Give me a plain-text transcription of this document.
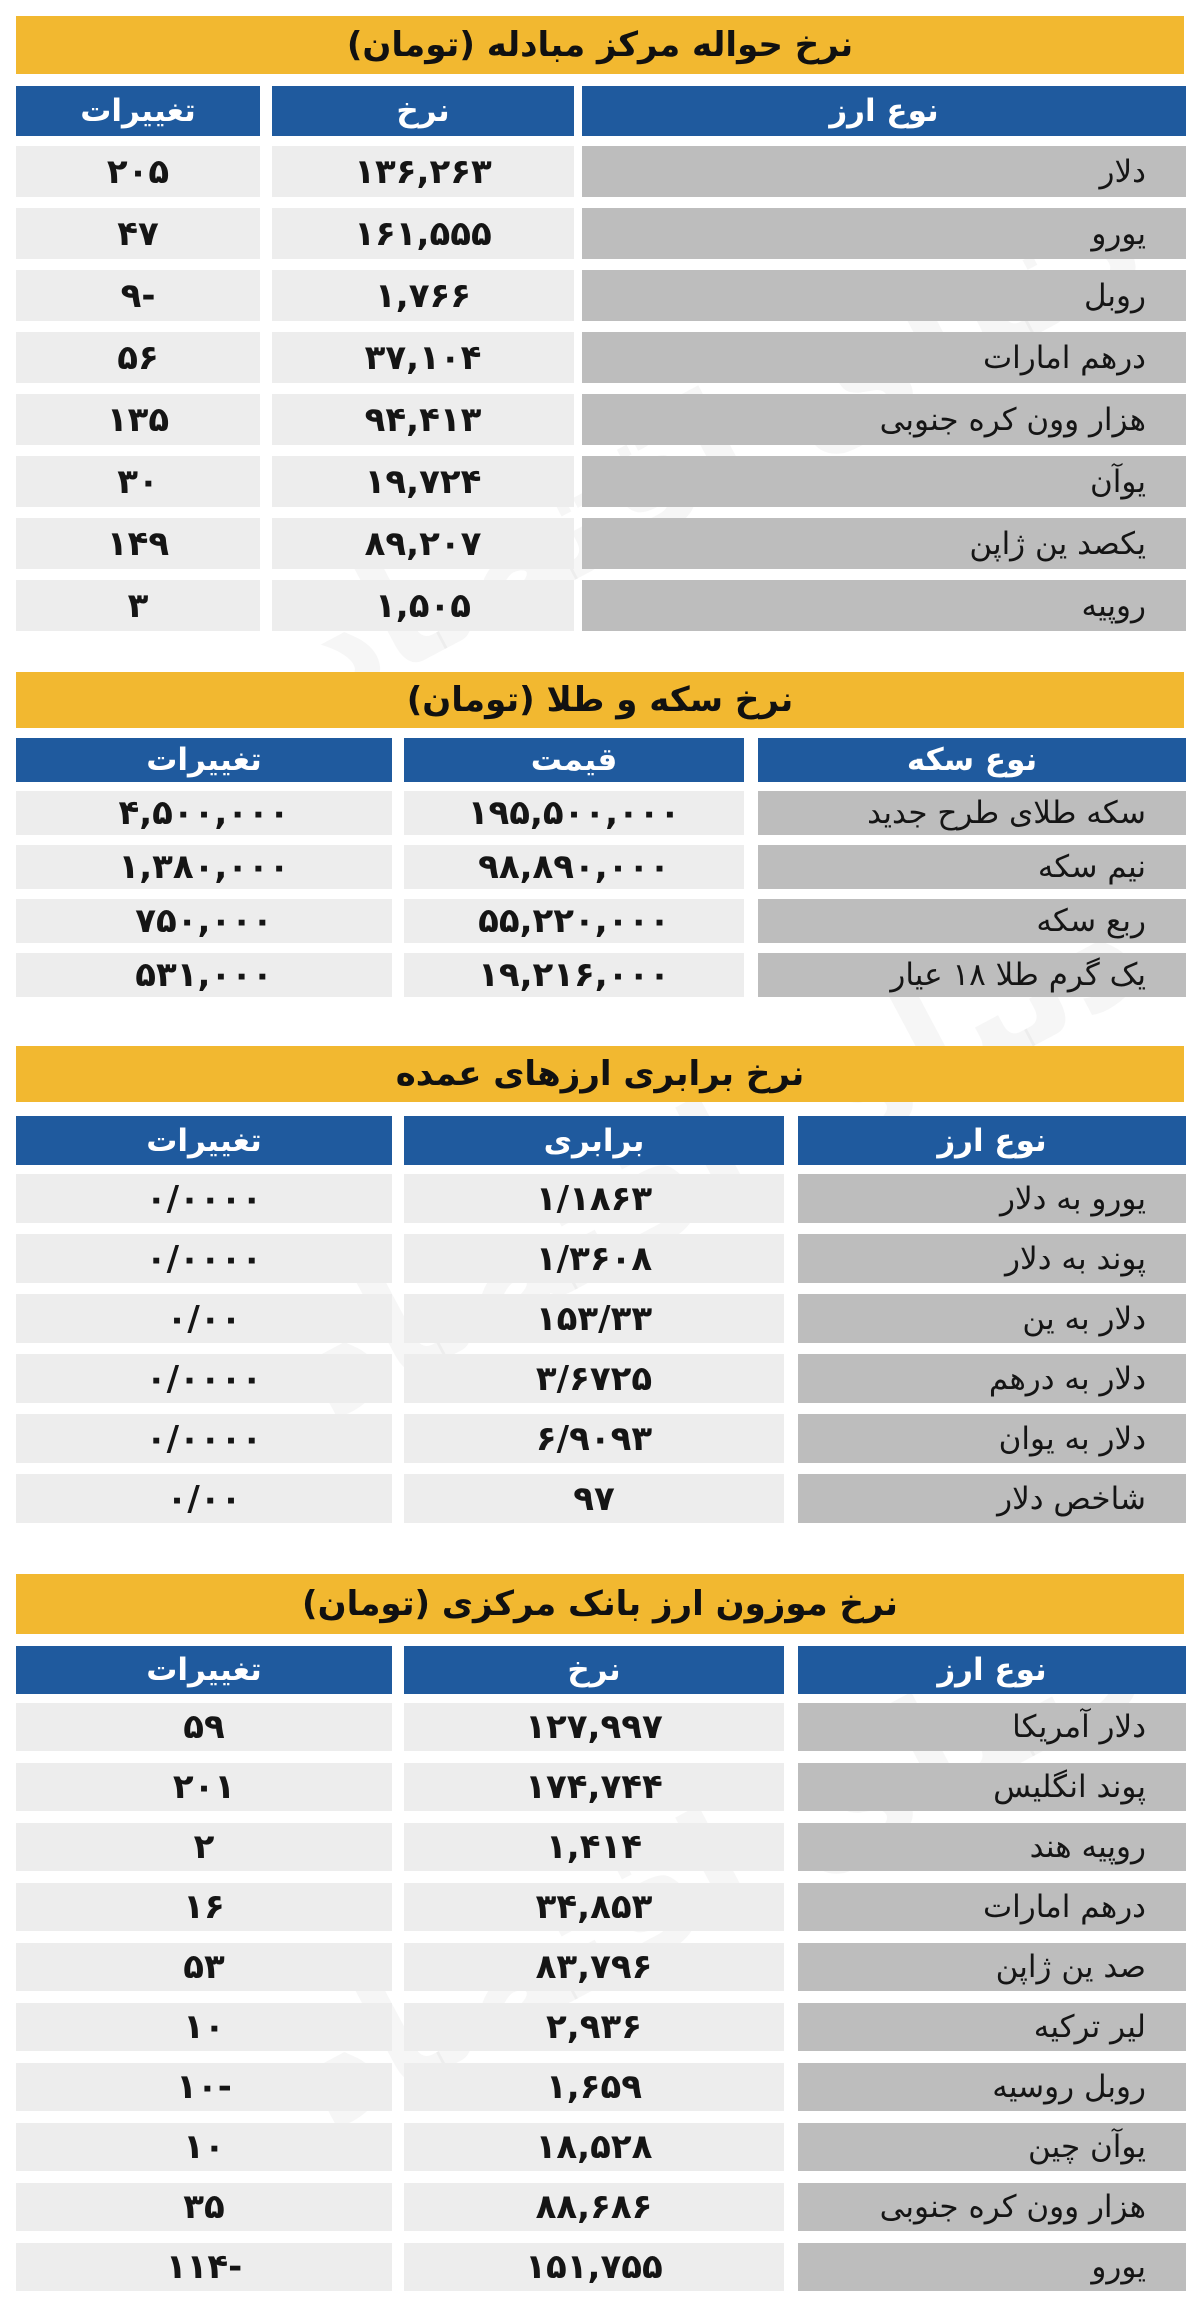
نرخ حواله مرکز مبادله (تومان)
نوع ارز
نرخ
تغییرات
دلار
۱۳۶,۲۶۳
۲۰۵
یورو
۱۶۱,۵۵۵
۴۷
روبل
۱,۷۶۶
-۹
درهم امارات
۳۷,۱۰۴
۵۶
هزار وون کره جنوبی
۹۴,۴۱۳
۱۳۵
یوآن
۱۹,۷۲۴
۳۰
یکصد ین ژاپن
۸۹,۲۰۷
۱۴۹
روپیه
۱,۵۰۵
۳
نرخ سکه و طلا (تومان)
نوع سکه
قیمت
تغییرات
سکه طلای طرح جدید
۱۹۵,۵۰۰,۰۰۰
۴,۵۰۰,۰۰۰
نیم سکه
۹۸,۸۹۰,۰۰۰
۱,۳۸۰,۰۰۰
ربع سکه
۵۵,۲۲۰,۰۰۰
۷۵۰,۰۰۰
یک گرم طلا ۱۸ عیار
۱۹,۲۱۶,۰۰۰
۵۳۱,۰۰۰
نرخ برابری ارزهای عمده
نوع ارز
برابری
تغییرات
یورو به دلار
۱/۱۸۶۳
۰/۰۰۰۰
پوند به دلار
۱/۳۶۰۸
۰/۰۰۰۰
دلار به ین
۱۵۳/۳۳
۰/۰۰
دلار به درهم
۳/۶۷۲۵
۰/۰۰۰۰
دلار به یوان
۶/۹۰۹۳
۰/۰۰۰۰
شاخص دلار
۹۷
۰/۰۰
نرخ موزون ارز بانک مرکزی (تومان)
نوع ارز
نرخ
تغییرات
دلار آمریکا
۱۲۷,۹۹۷
۵۹
پوند انگلیس
۱۷۴,۷۴۴
۲۰۱
روپیه هند
۱,۴۱۴
۲
درهم امارات
۳۴,۸۵۳
۱۶
صد ین ژاپن
۸۳,۷۹۶
۵۳
لیر ترکیه
۲,۹۳۶
۱۰
روبل روسیه
۱,۶۵۹
-۱۰
یوآن چین
۱۸,۵۲۸
۱۰
هزار وون کره جنوبی
۸۸,۶۸۶
۳۵
یورو
۱۵۱,۷۵۵
-۱۱۴
